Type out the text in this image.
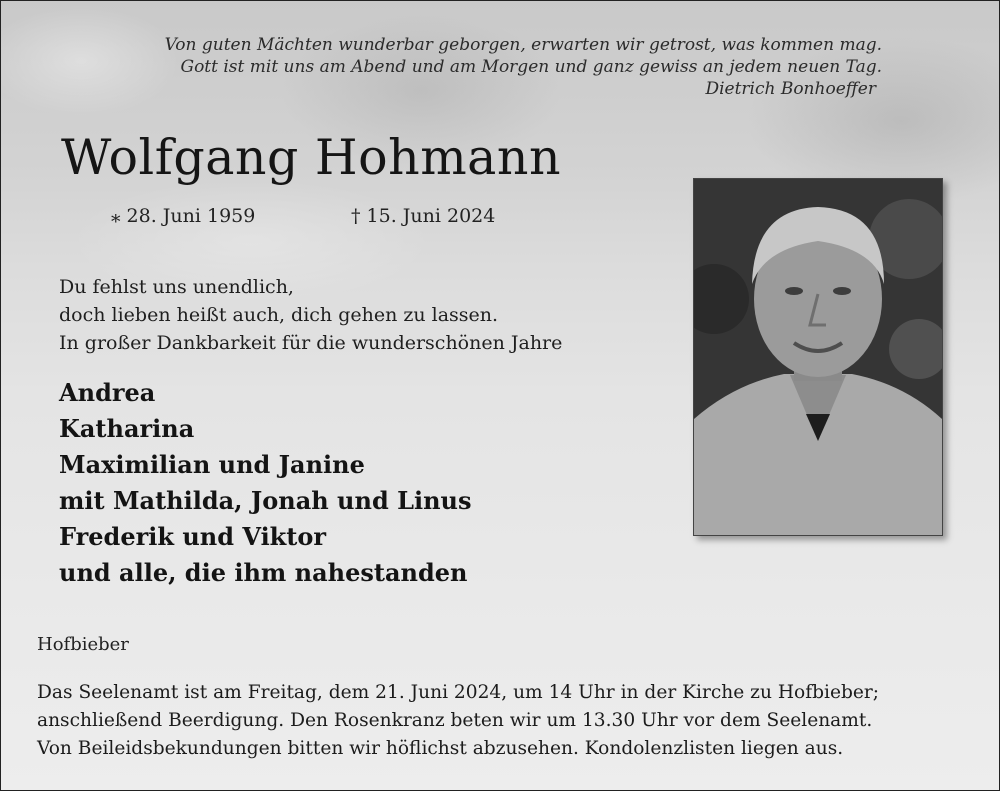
Von guten Mächten wunderbar geborgen, erwarten wir getrost, was kommen mag.
Gott ist mit uns am Abend und am Morgen und ganz gewiss an jedem neuen Tag.
Dietrich Bonhoeffer
Wolfgang Hohmann
⁎ 28. Juni 1959	† 15. Juni 2024
Du fehlst uns unendlich,
doch lieben heißt auch, dich gehen zu lassen.
In großer Dankbarkeit für die wunderschönen Jahre
Andrea
Katharina
Maximilian und Janine
mit Mathilda, Jonah und Linus
Frederik und Viktor
und alle, die ihm nahestanden
Hofbieber
Das Seelenamt ist am Freitag, dem 21. Juni 2024, um 14 Uhr in der Kirche zu Hofbieber;
anschließend Beerdigung. Den Rosenkranz beten wir um 13.30 Uhr vor dem Seelenamt.
Von Beileidsbekundungen bitten wir höflichst abzusehen. Kondolenzlisten liegen aus.
